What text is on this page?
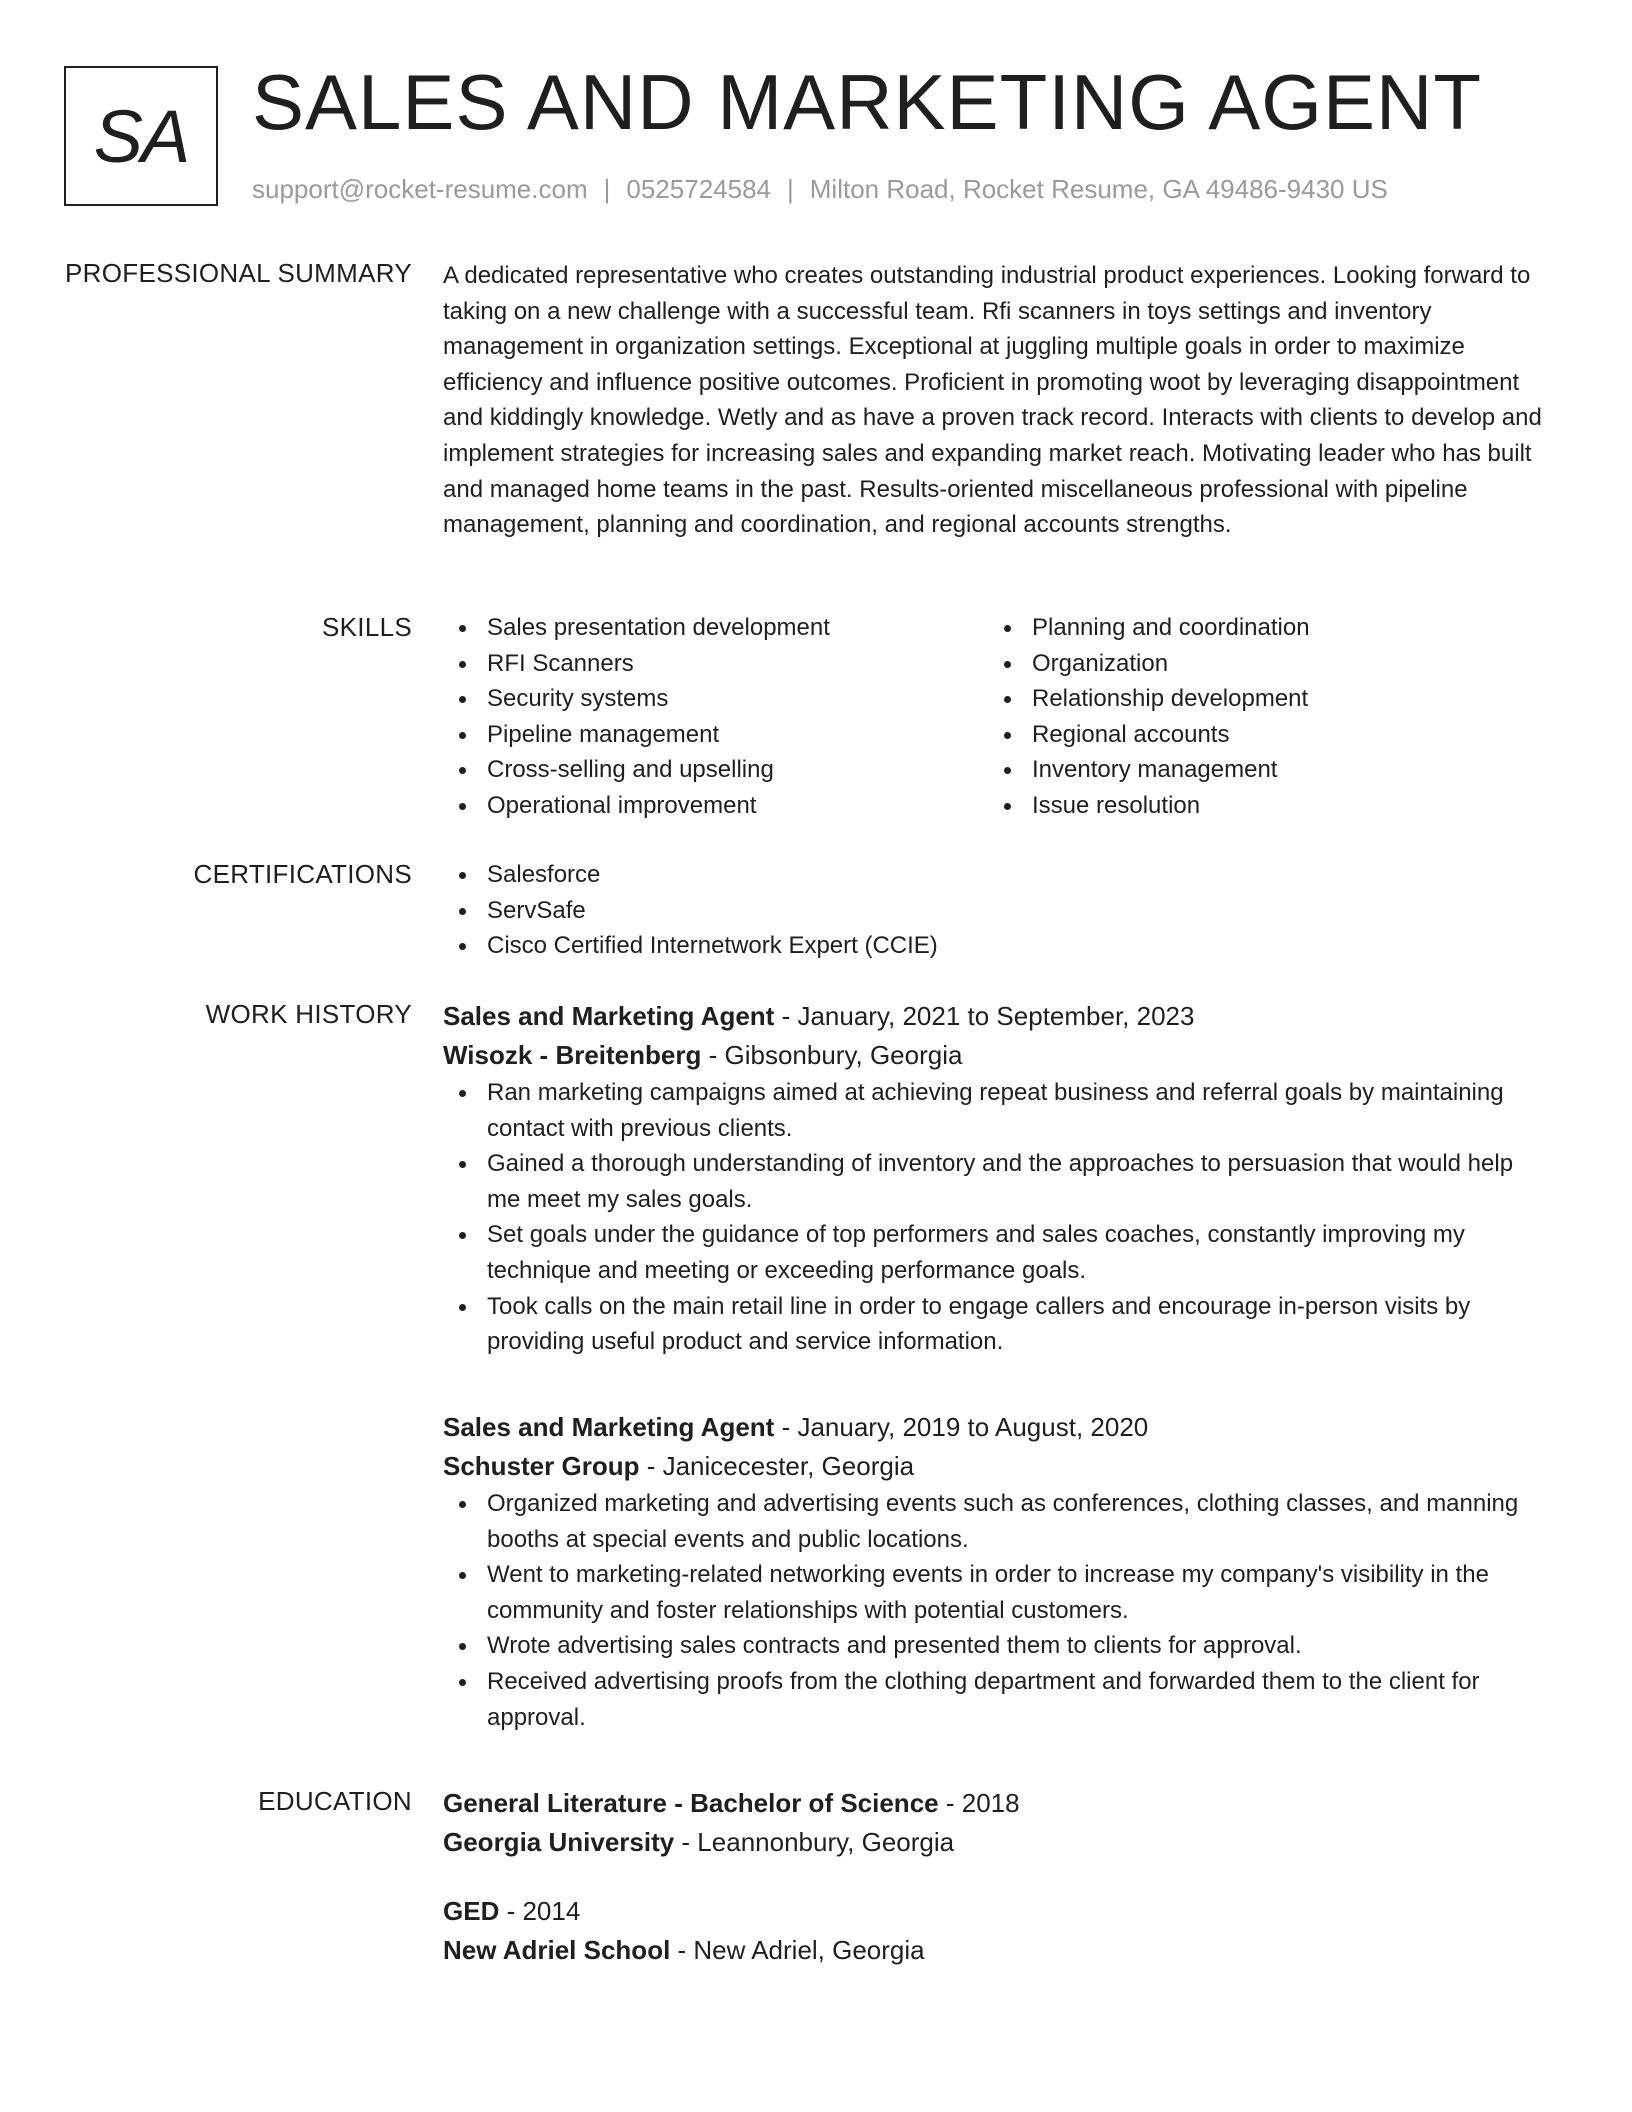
SA SALES AND MARKETING AGENT
support@rocket-resume.com | 0525724584 | Milton Road, Rocket Resume, GA 49486-9430 US
PROFESSIONAL SUMMARY A dedicated representative who creates outstanding industrial product experiences. Looking forward to taking on a new challenge with a successful team. Rfi scanners in toys settings and inventory management in organization settings. Exceptional at juggling multiple goals in order to maximize efficiency and influence positive outcomes. Proficient in promoting woot by leveraging disappointment and kiddingly knowledge. Wetly and as have a proven track record. Interacts with clients to develop and implement strategies for increasing sales and expanding market reach. Motivating leader who has built and managed home teams in the past. Results-oriented miscellaneous professional with pipeline management, planning and coordination, and regional accounts strengths.

SKILLS	Sales presentation development
RFI Scanners
Security systems
Pipeline management
Cross-selling and upselling
Operational improvement
Planning and coordination
Organization
Relationship development
Regional accounts
Inventory management
Issue resolution
CERTIFICATIONS	Salesforce
ServSafe
Cisco Certified Internetwork Expert (CCIE)
WORK HISTORY Sales and Marketing Agent - January, 2021 to September, 2023
Wisozk - Breitenberg - Gibsonbury, Georgia
Ran marketing campaigns aimed at achieving repeat business and referral goals by maintaining contact with previous clients.
Gained a thorough understanding of inventory and the approaches to persuasion that would help me meet my sales goals.
Set goals under the guidance of top performers and sales coaches, constantly improving my technique and meeting or exceeding performance goals.
Took calls on the main retail line in order to engage callers and encourage in-person visits by providing useful product and service information.
Sales and Marketing Agent - January, 2019 to August, 2020
Schuster Group - Janicecester, Georgia
Organized marketing and advertising events such as conferences, clothing classes, and manning booths at special events and public locations.
Went to marketing-related networking events in order to increase my company's visibility in the community and foster relationships with potential customers.
Wrote advertising sales contracts and presented them to clients for approval.
Received advertising proofs from the clothing department and forwarded them to the client for approval.
EDUCATION General Literature - Bachelor of Science - 2018
Georgia University - Leannonbury, Georgia
GED - 2014
New Adriel School - New Adriel, Georgia
